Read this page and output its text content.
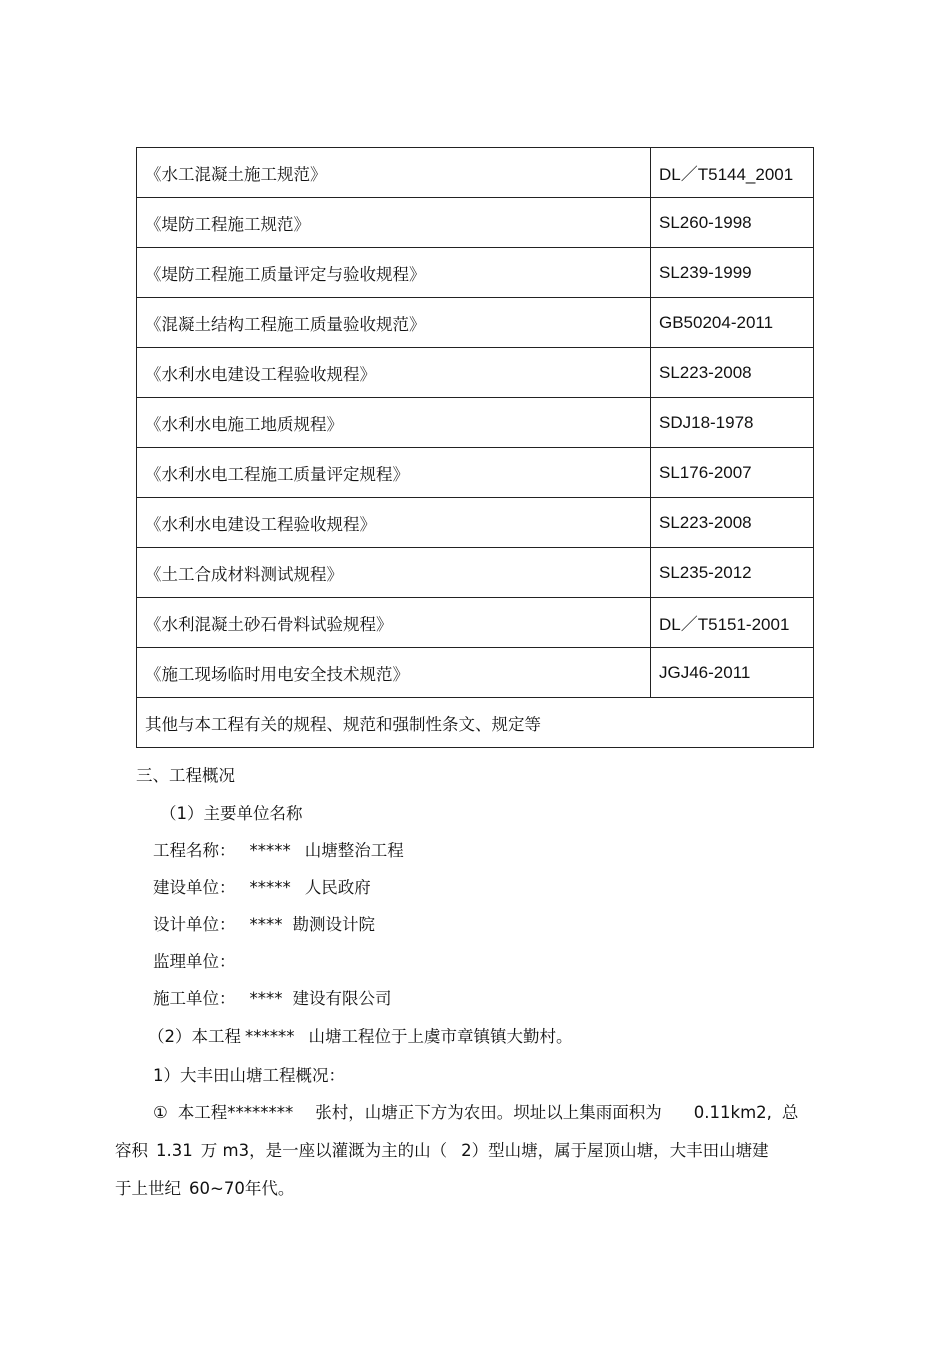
《水工混凝土施工规范》	DL／T5144_2001
《堤防工程施工规范》	SL260-1998
《堤防工程施工质量评定与验收规程》	SL239-1999
《混凝土结构工程施工质量验收规范》	GB50204-2011
《水利水电建设工程验收规程》	SL223-2008
《水利水电施工地质规程》	SDJ18-1978
《水利水电工程施工质量评定规程》	SL176-2007
《水利水电建设工程验收规程》	SL223-2008
《土工合成材料测试规程》	SL235-2012
《水利混凝土砂石骨料试验规程》	DL／T5151-2001
《施工现场临时用电安全技术规范》	JGJ46-2011
其他与本工程有关的规程、规范和强制性条文、规定等	
三、工程概况
（1）主要单位名称
工程名称： ***** 山塘整治工程
建设单位： ***** 人民政府
设计单位： **** 勘测设计院
监理单位：
施工单位： **** 建设有限公司
（2）本工程 ****** 山塘工程位于上虞市章镇镇大勤村。
1）大丰田山塘工程概况：
① 本工程******** 张村，山塘正下方为农田。坝址以上集雨面积为 0.11km2, 总
容积 1.31 万 m3，是一座以灌溉为主的山（ 2）型山塘，属于屋顶山塘，大丰田山塘建
于上世纪 60~70年代。
